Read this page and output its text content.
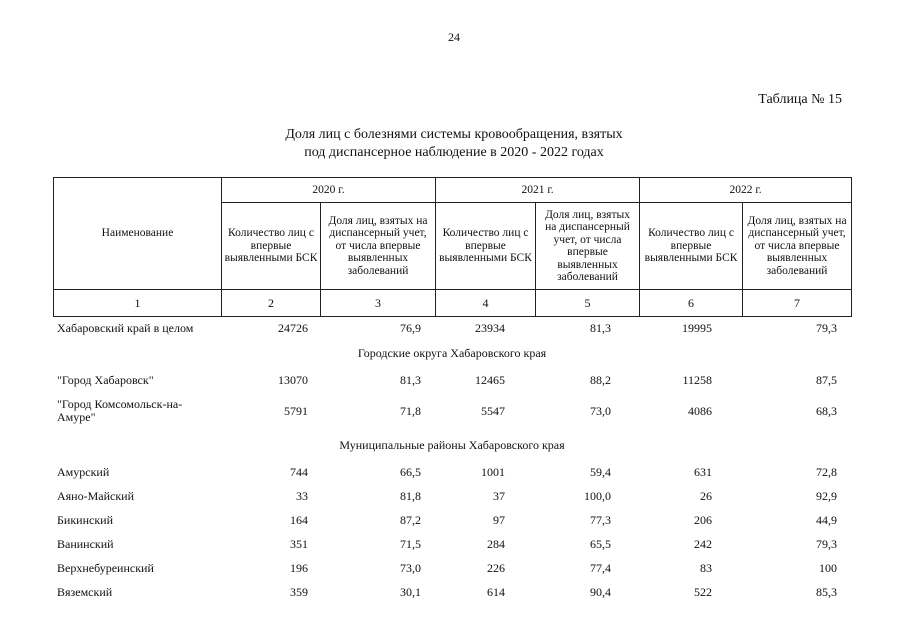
24
Таблица № 15
Доля лиц с болезнями системы кровообращения, взятых
под диспансерное наблюдение в 2020 - 2022 годах
Наименование	2020 г.		2021 г.		2022 г.	
	Количество лиц с впервые выявленными БСК	Доля лиц, взятых на диспансерный учет, от числа впервые выявленных заболеваний	Количество лиц с впервые выявленными БСК	Доля лиц, взятых на диспансерный учет, от числа впервые выявленных заболеваний	Количество лиц с впервые выявленными БСК	Доля лиц, взятых на диспансерный учет, от числа впервые выявленных заболеваний
1	2	3	4	5	6	7
Хабаровский край в целом	24726	76,9	23934	81,3	19995	79,3
Городские округа Хабаровского края						
"Город Хабаровск"	13070	81,3	12465	88,2	11258	87,5
"Город Комсомольск-на-Амуре"	5791	71,8	5547	73,0	4086	68,3
Муниципальные районы Хабаровского края						
Амурский	744	66,5	1001	59,4	631	72,8
Аяно-Майский	33	81,8	37	100,0	26	92,9
Бикинский	164	87,2	97	77,3	206	44,9
Ванинский	351	71,5	284	65,5	242	79,3
Верхнебуреинский	196	73,0	226	77,4	83	100
Вяземский	359	30,1	614	90,4	522	85,3
